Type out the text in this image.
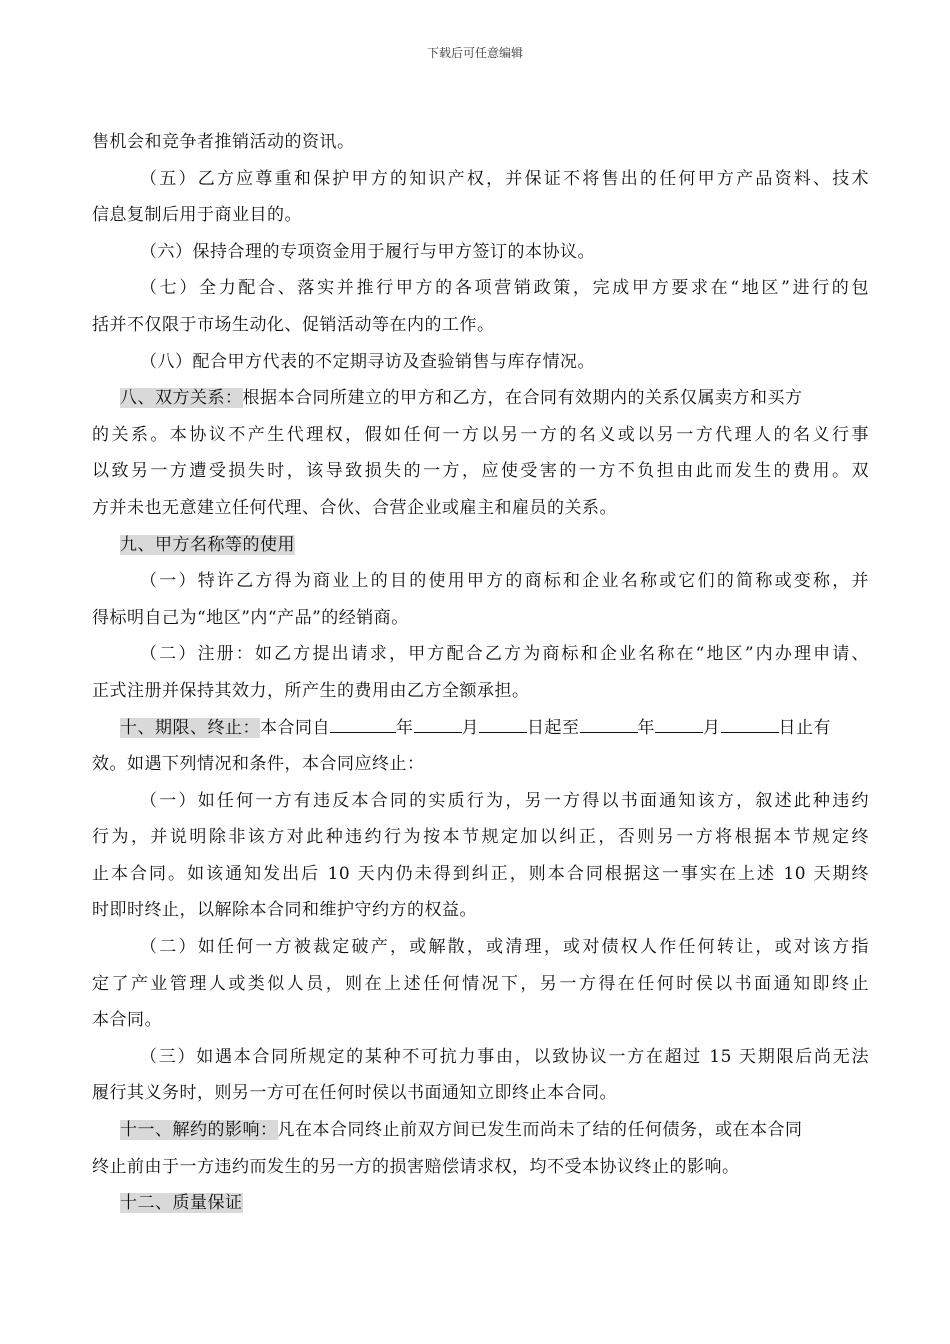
下载后可任意编辑
售机会和竞争者推销活动的资讯。
（五）乙方应尊重和保护甲方的知识产权，并保证不将售出的任何甲方产品资料、技术
信息复制后用于商业目的。
（六）保持合理的专项资金用于履行与甲方签订的本协议。
（七）全力配合、落实并推行甲方的各项营销政策，完成甲方要求在“地区”进行的包
括并不仅限于市场生动化、促销活动等在内的工作。
（八）配合甲方代表的不定期寻访及查验销售与库存情况。
八、双方关系：根据本合同所建立的甲方和乙方，在合同有效期内的关系仅属卖方和买方
的关系。本协议不产生代理权，假如任何一方以另一方的名义或以另一方代理人的名义行事
以致另一方遭受损失时，该导致损失的一方，应使受害的一方不负担由此而发生的费用。双
方并未也无意建立任何代理、合伙、合营企业或雇主和雇员的关系。
九、甲方名称等的使用
（一）特许乙方得为商业上的目的使用甲方的商标和企业名称或它们的简称或变称，并
得标明自己为“地区”内“产品”的经销商。
（二）注册：如乙方提出请求，甲方配合乙方为商标和企业名称在“地区”内办理申请、
正式注册并保持其效力，所产生的费用由乙方全额承担。
十、期限、终止：本合同自	年	月	日起至	年	月	日止有
效。如遇下列情况和条件，本合同应终止：
（一）如任何一方有违反本合同的实质行为，另一方得以书面通知该方，叙述此种违约
行为，并说明除非该方对此种违约行为按本节规定加以纠正，否则另一方将根据本节规定终
止本合同。如该通知发出后 10 天内仍未得到纠正，则本合同根据这一事实在上述 10 天期终
时即时终止，以解除本合同和维护守约方的权益。
（二）如任何一方被裁定破产，或解散，或清理，或对债权人作任何转让，或对该方指
定了产业管理人或类似人员，则在上述任何情况下，另一方得在任何时侯以书面通知即终止
本合同。
（三）如遇本合同所规定的某种不可抗力事由，以致协议一方在超过 15 天期限后尚无法
履行其义务时，则另一方可在任何时侯以书面通知立即终止本合同。
十一、解约的影响：凡在本合同终止前双方间已发生而尚未了结的任何债务，或在本合同
终止前由于一方违约而发生的另一方的损害赔偿请求权，均不受本协议终止的影响。
十二、质量保证
